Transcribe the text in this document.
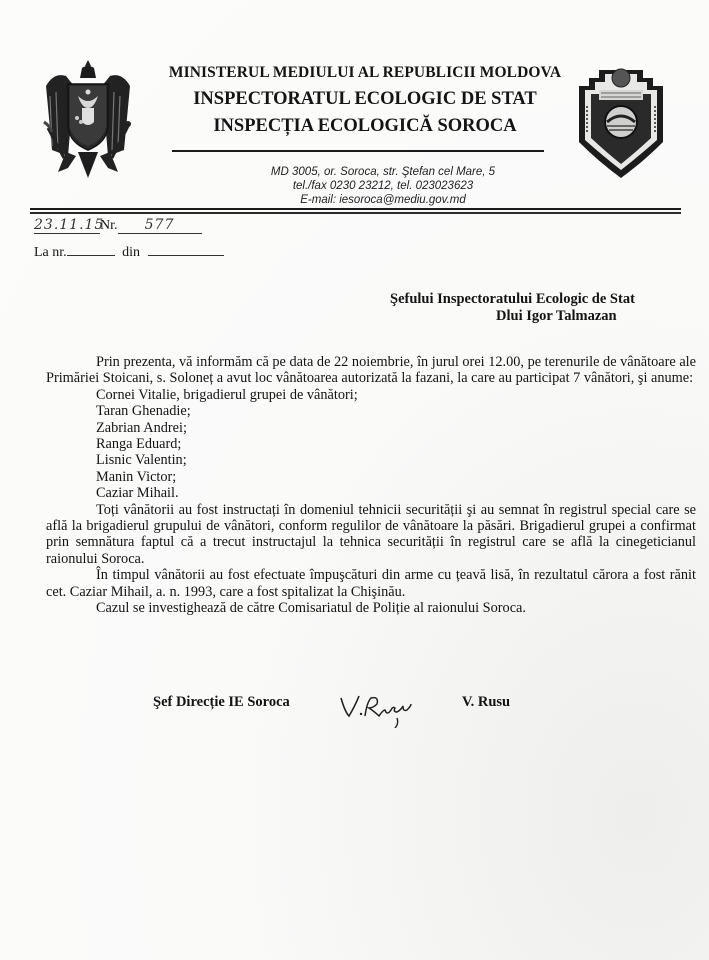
MINISTERUL MEDIULUI AL REPUBLICII MOLDOVA
INSPECTORATUL ECOLOGIC DE STAT
INSPECȚIA ECOLOGICĂ SOROCA
MD 3005, or. Soroca, str. Ştefan cel Mare, 5
tel./fax 0230 23212, tel. 023023623
E-mail: iesoroca@mediu.gov.md
23.11.15Nr. 577
La nr.	din
Şefului Inspectoratului Ecologic de Stat
Dlui Igor Talmazan

Prin prezenta, vă informăm că pe data de 22 noiembrie, în jurul orei 12.00, pe terenurile de vânătoare ale Primăriei Stoicani, s. Soloneț a avut loc vânătoarea autorizată la fazani, la care au participat 7 vânători, şi anume:

Cornei Vitalie, brigadierul grupei de vânători;
Taran Ghenadie;
Zabrian Andrei;
Ranga Eduard;
Lisnic Valentin;
Manin Victor;
Caziar Mihail.

Toți vânătorii au fost instructați în domeniul tehnicii securității şi au semnat în registrul special care se află la brigadierul grupului de vânători, conform regulilor de vânătoare la păsări. Brigadierul grupei a confirmat prin semnătura faptul că a trecut instructajul la tehnica securității în registrul care se află la cinegeticianul raionului Soroca.

În timpul vânătorii au fost efectuate împuşcături din arme cu țeavă lisă, în rezultatul cărora a fost rănit cet. Caziar Mihail, a. n. 1993, care a fost spitalizat la Chişinău.

Cazul se investighează de către Comisariatul de Poliție al raionului Soroca.

Şef Direcție IE Soroca	V. Rusu
